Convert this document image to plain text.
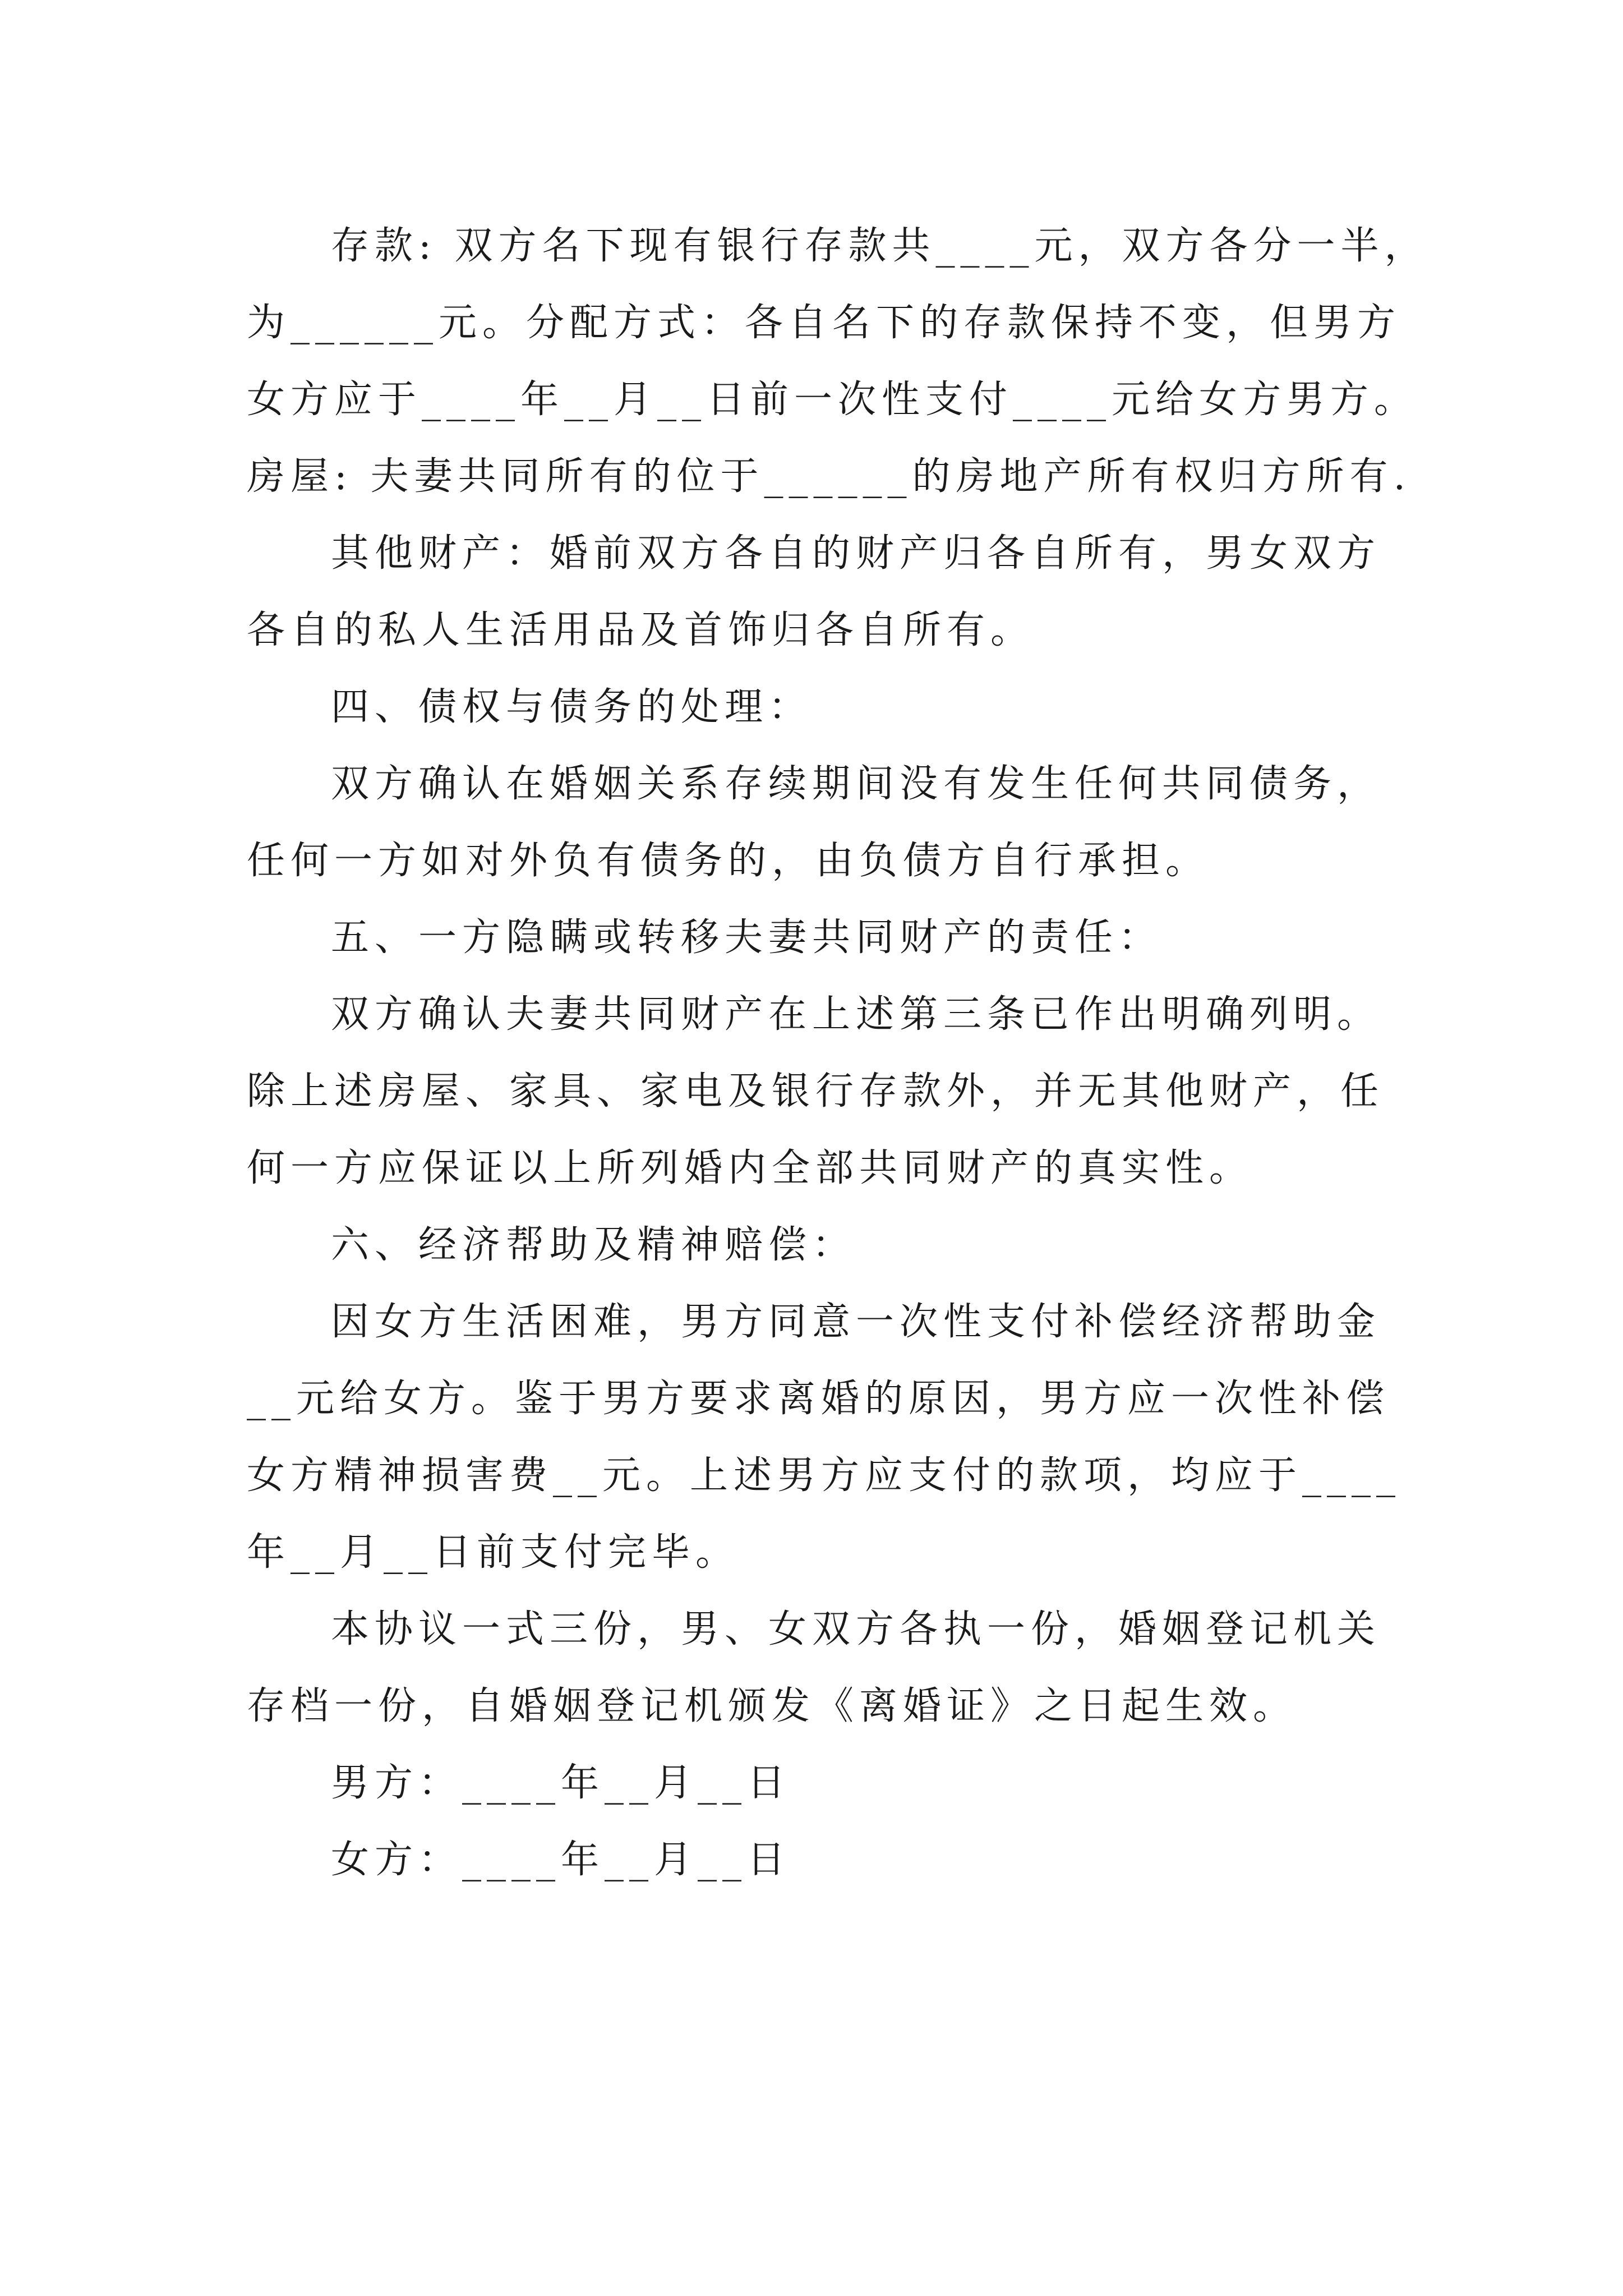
存款: 双方名下现有银行存款共____元，双方各分一半，
为______元。分配方式：各自名下的存款保持不变，但男方
女方应于____年__月__日前一次性支付____元给女方男方。
房屋: 夫妻共同所有的位于______的房地产所有权归方所有.
其他财产：婚前双方各自的财产归各自所有，男女双方
各自的私人生活用品及首饰归各自所有。
四、债权与债务的处理：
双方确认在婚姻关系存续期间没有发生任何共同债务，
任何一方如对外负有债务的，由负债方自行承担。
五、一方隐瞒或转移夫妻共同财产的责任：
双方确认夫妻共同财产在上述第三条已作出明确列明。
除上述房屋、家具、家电及银行存款外，并无其他财产，任
何一方应保证以上所列婚内全部共同财产的真实性。
六、经济帮助及精神赔偿：
因女方生活困难，男方同意一次性支付补偿经济帮助金
__元给女方。鉴于男方要求离婚的原因，男方应一次性补偿
女方精神损害费__元。上述男方应支付的款项，均应于____
年__月__日前支付完毕。
本协议一式三份，男、女双方各执一份，婚姻登记机关
存档一份，自婚姻登记机颁发《离婚证》之日起生效。
男方：____年__月__日
女方：____年__月__日
